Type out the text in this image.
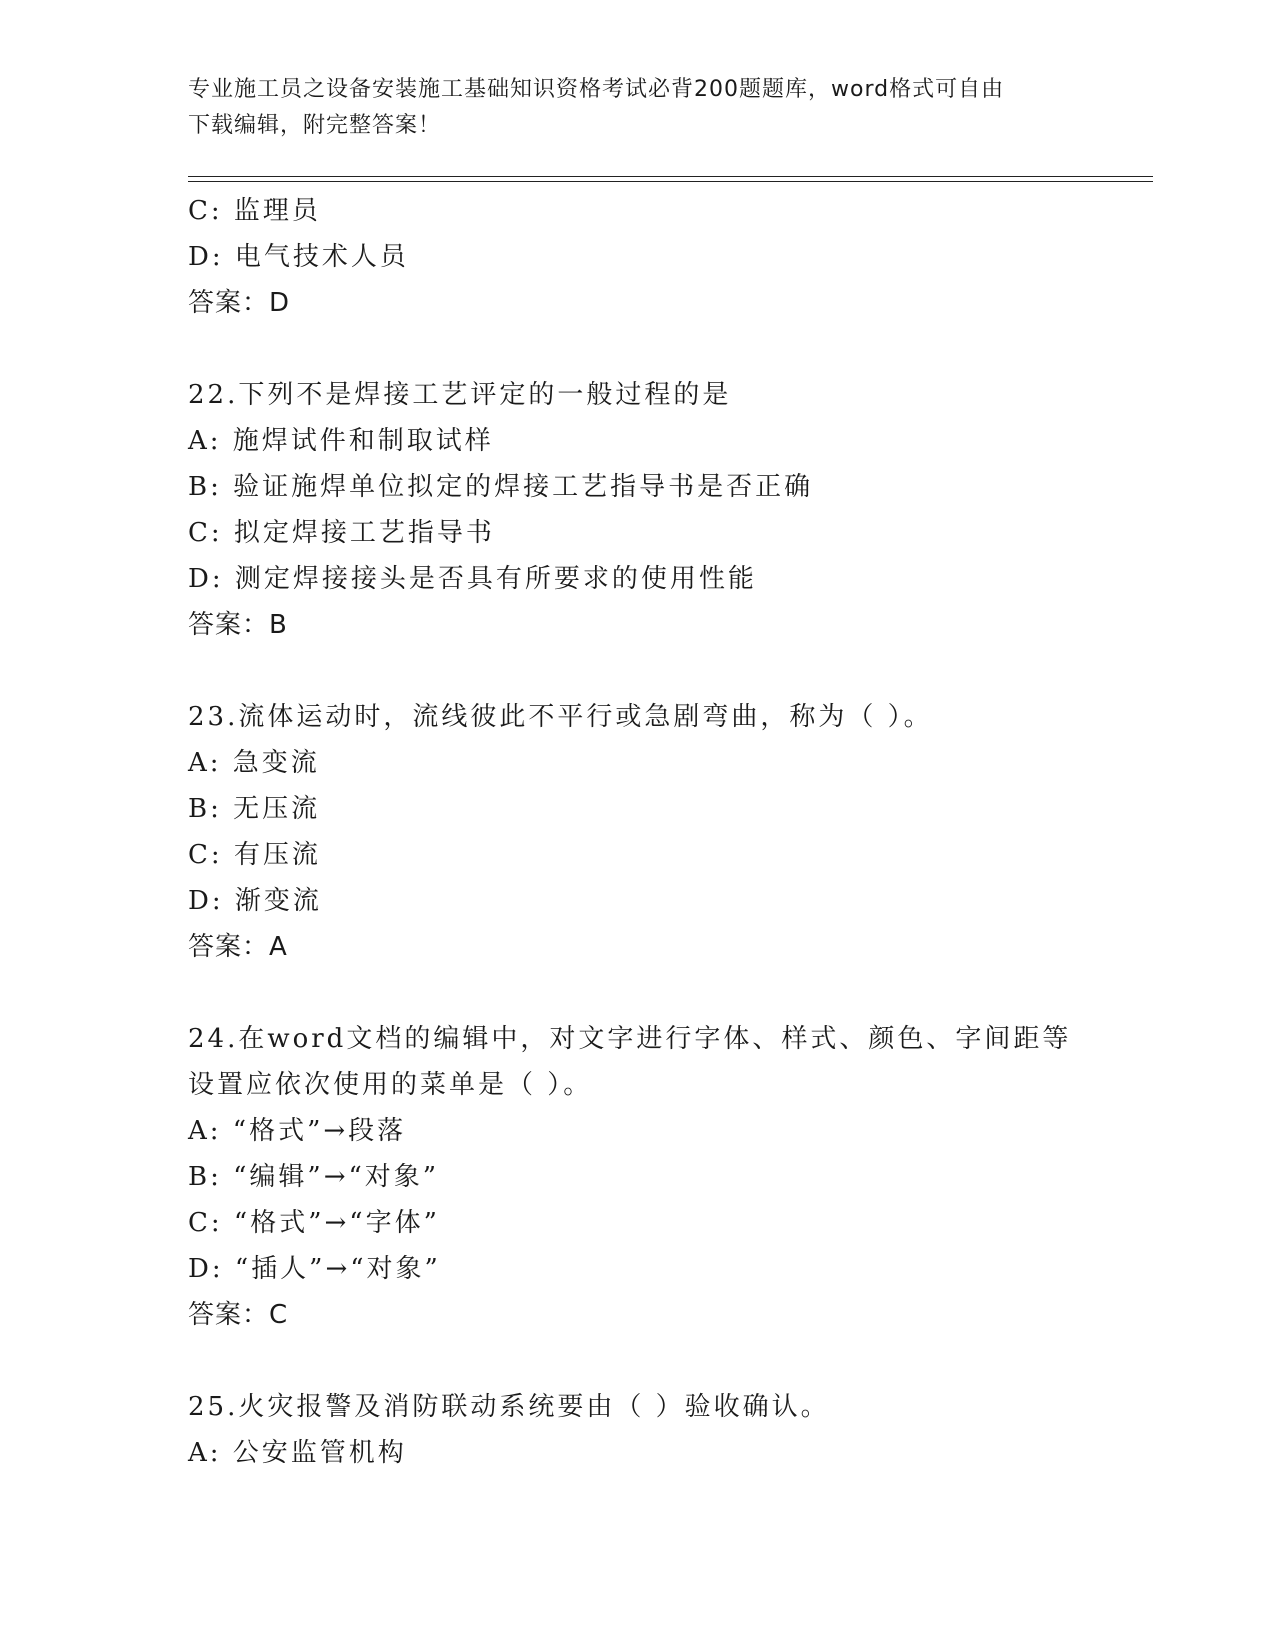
专业施工员之设备安装施工基础知识资格考试必背200题题库，word格式可自由
下载编辑，附完整答案！
C: 监理员
D: 电气技术人员
答案：D
22.下列不是焊接工艺评定的一般过程的是
A: 施焊试件和制取试样
B: 验证施焊单位拟定的焊接工艺指导书是否正确
C: 拟定焊接工艺指导书
D: 测定焊接接头是否具有所要求的使用性能
答案：B
23.流体运动时，流线彼此不平行或急剧弯曲，称为（ ）。
A: 急变流
B: 无压流
C: 有压流
D: 渐变流
答案：A
24.在word文档的编辑中，对文字进行字体、样式、颜色、字间距等
设置应依次使用的菜单是（ ）。
A: “格式”→段落
B: “编辑”→“对象”
C: “格式”→“字体”
D: “插人”→“对象”
答案：C
25.火灾报警及消防联动系统要由（ ）验收确认。
A: 公安监管机构
